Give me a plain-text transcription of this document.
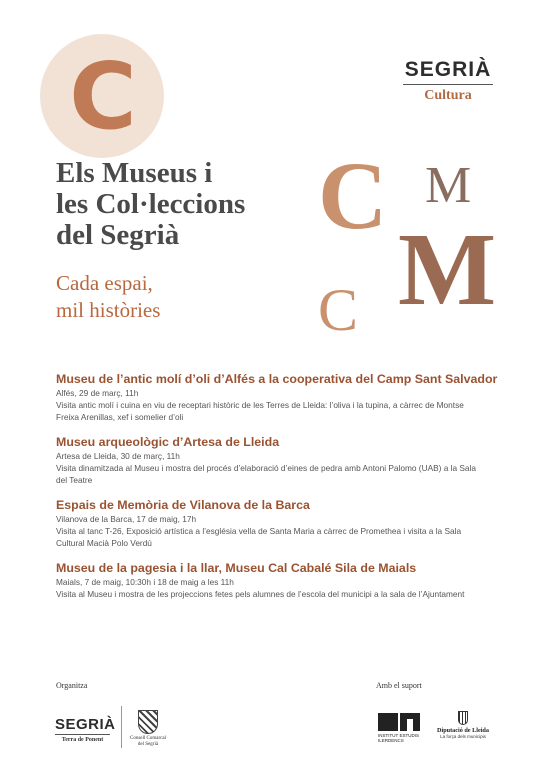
C	SEGRIÀ
Cultura
Els Museus i
les Col·leccions
del Segrià
Cada espai,
mil històries
C M
M
C
Museu de l’antic molí d’oli d’Alfés a la cooperativa del Camp Sant Salvador
Alfés, 29 de març, 11h
Visita antic molí i cuina en viu de receptari històric de les Terres de Lleida: l’oliva i la tupina, a càrrec de Montse Freixa Arenillas, xef i somelier d’oli
Museu arqueològic d’Artesa de Lleida
Artesa de Lleida, 30 de març, 11h
Visita dinamitzada al Museu i mostra del procés d’elaboració d’eines de pedra amb Antoni Palomo (UAB) a la Sala del Teatre
Espais de Memòria de Vilanova de la Barca
Vilanova de la Barca, 17 de maig, 17h
Visita al tanc T-26, Exposició artística a l’església vella de Santa Maria a càrrec de Promethea i visita a la Sala Cultural Macià Polo Verdú
Museu de la pagesia i la llar, Museu Cal Cabalé Sila de Maials
Maials, 7 de maig, 10:30h i 18 de maig a les 11h
Visita al Museu i mostra de les projeccions fetes pels alumnes de l’escola del municipi a la sala de l’Ajuntament
Organitza	Amb el suport
SEGRIÀ
Terra de Ponent	Consell Comarcal
del Segrià
INSTITUT ESTUDIS ILERDENCS
Diputació de Lleida
La força dels municipis
